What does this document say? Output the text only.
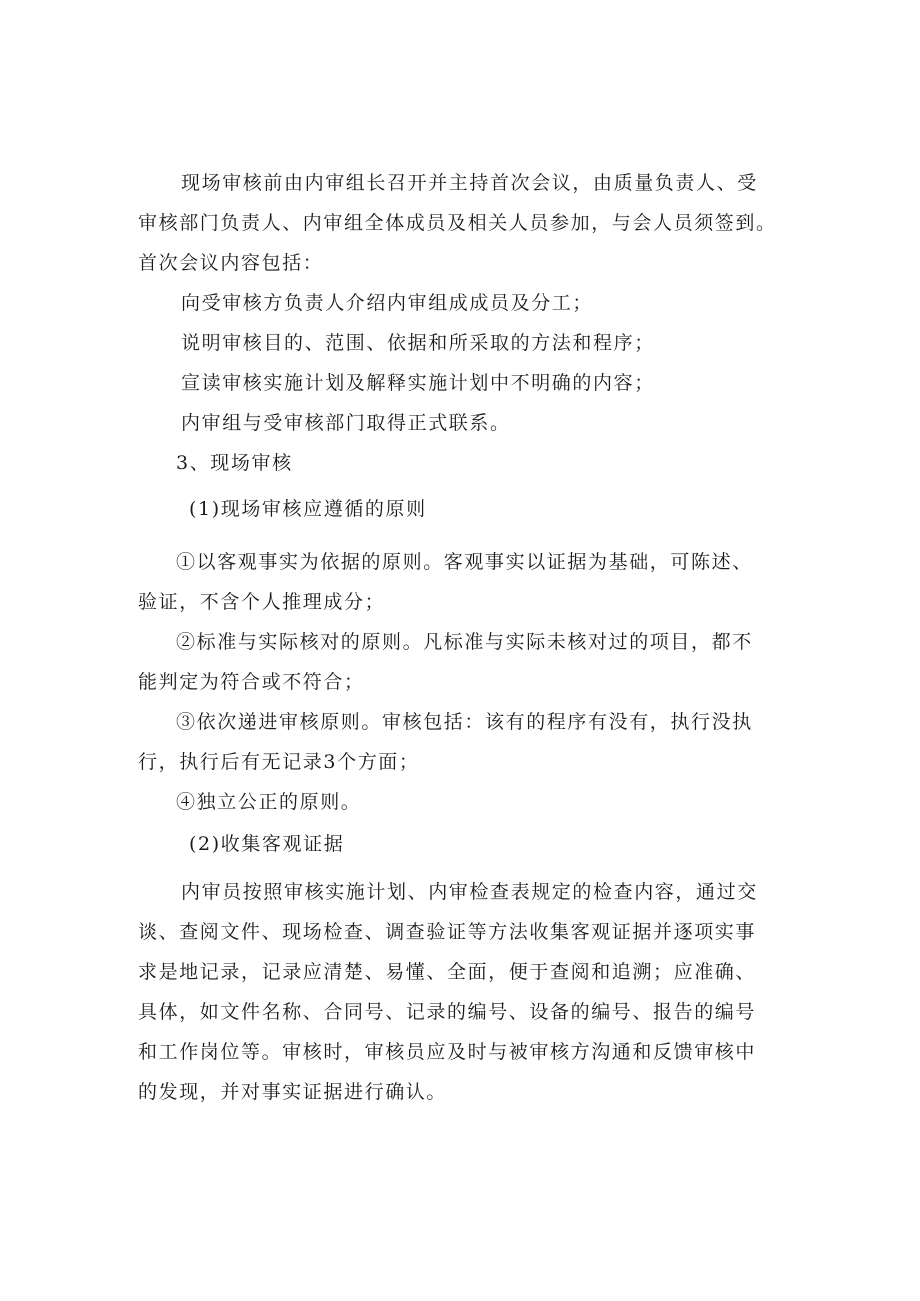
现场审核前由内审组长召开并主持首次会议，由质量负责人、受
审核部门负责人、内审组全体成员及相关人员参加，与会人员须签到。
首次会议内容包括：
向受审核方负责人介绍内审组成成员及分工；
说明审核目的、范围、依据和所采取的方法和程序；
宣读审核实施计划及解释实施计划中不明确的内容；
内审组与受审核部门取得正式联系。
3、现场审核
(1)现场审核应遵循的原则
①以客观事实为依据的原则。客观事实以证据为基础，可陈述、
验证，不含个人推理成分；
②标准与实际核对的原则。凡标准与实际未核对过的项目，都不
能判定为符合或不符合；
③依次递进审核原则。审核包括：该有的程序有没有，执行没执
行，执行后有无记录3个方面；
④独立公正的原则。
(2)收集客观证据
内审员按照审核实施计划、内审检查表规定的检查内容，通过交
谈、查阅文件、现场检查、调查验证等方法收集客观证据并逐项实事
求是地记录，记录应清楚、易懂、全面，便于查阅和追溯；应准确、
具体，如文件名称、合同号、记录的编号、设备的编号、报告的编号
和工作岗位等。审核时，审核员应及时与被审核方沟通和反馈审核中
的发现，并对事实证据进行确认。
